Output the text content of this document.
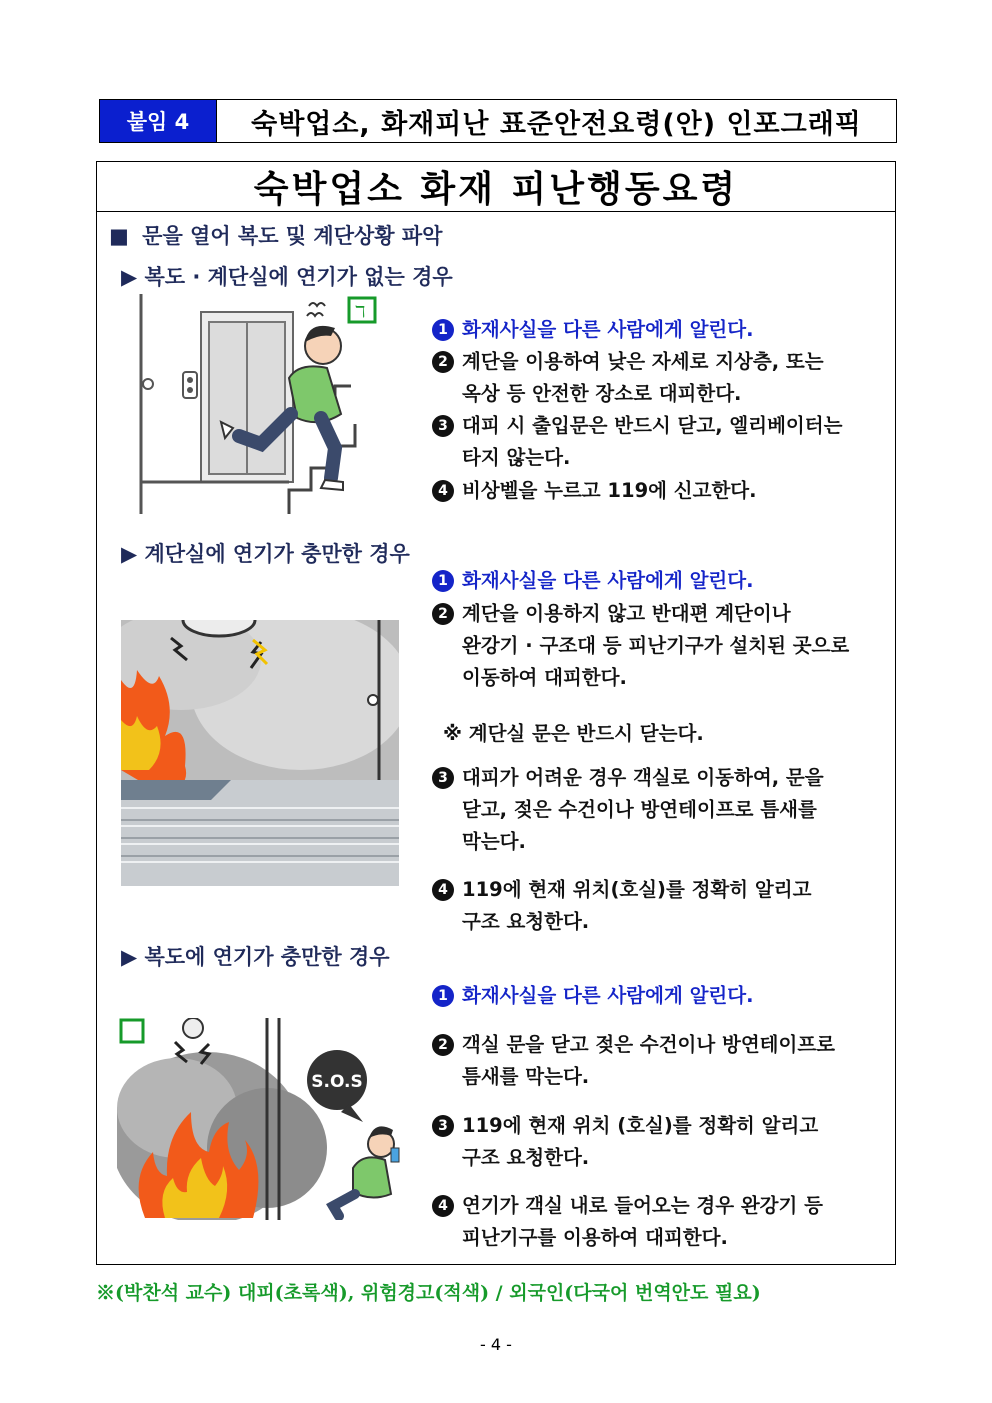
붙임 4	숙박업소, 화재피난 표준안전요령(안) 인포그래픽
숙박업소 화재 피난행동요령
■ 문을 열어 복도 및 계단상황 파악
▶ 복도 · 계단실에 연기가 없는 경우
ℸ
1 화재사실을 다른 사람에게 알린다.
2 계단을 이용하여 낮은 자세로 지상층, 또는
옥상 등 안전한 장소로 대피한다.
3 대피 시 출입문은 반드시 닫고, 엘리베이터는
타지 않는다.
4 비상벨을 누르고 119에 신고한다.
▶ 계단실에 연기가 충만한 경우
1 화재사실을 다른 사람에게 알린다.
2 계단을 이용하지 않고 반대편 계단이나
완강기 · 구조대 등 피난기구가 설치된 곳으로
이동하여 대피한다.
※ 계단실 문은 반드시 닫는다.
3 대피가 어려운 경우 객실로 이동하여, 문을
닫고, 젖은 수건이나 방연테이프로 틈새를
막는다.
4 119에 현재 위치(호실)를 정확히 알리고
구조 요청한다.
▶ 복도에 연기가 충만한 경우
S.O.S
1 화재사실을 다른 사람에게 알린다.
2 객실 문을 닫고 젖은 수건이나 방연테이프로
틈새를 막는다.
3 119에 현재 위치 (호실)를 정확히 알리고
구조 요청한다.
4 연기가 객실 내로 들어오는 경우 완강기 등
피난기구를 이용하여 대피한다.
※(박찬석 교수) 대피(초록색), 위험경고(적색) / 외국인(다국어 번역안도 필요)
- 4 -
